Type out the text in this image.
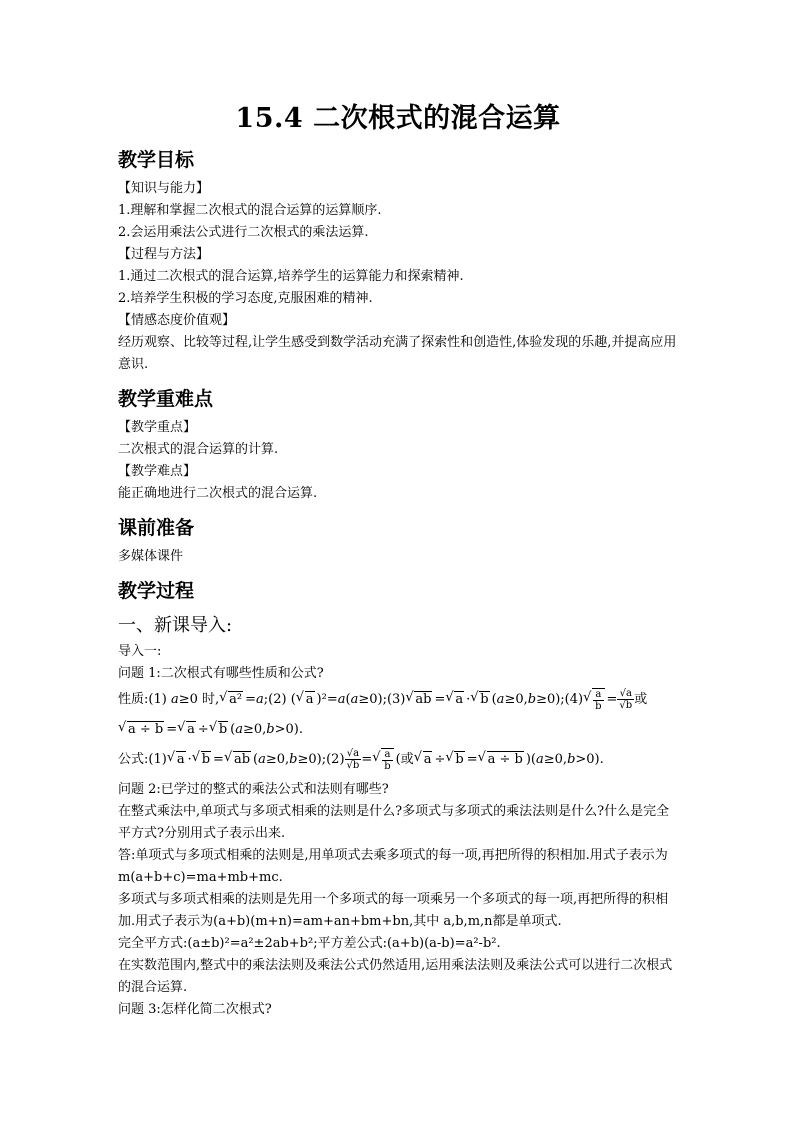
15.4 二次根式的混合运算
教学目标

【知识与能力】

1.理解和掌握二次根式的混合运算的运算顺序.

2.会运用乘法公式进行二次根式的乘法运算.

【过程与方法】

1.通过二次根式的混合运算,培养学生的运算能力和探索精神.

2.培养学生积极的学习态度,克服困难的精神.

【情感态度价值观】

经历观察、比较等过程,让学生感受到数学活动充满了探索性和创造性,体验发现的乐趣,并提高应用意识.

教学重难点

【教学重点】

二次根式的混合运算的计算.

【教学难点】

能正确地进行二次根式的混合运算.

课前准备

多媒体课件

教学过程
一、新课导入:

导入一:

问题 1:二次根式有哪些性质和公式?

性质:(1) a≥0 时, √ a² =a;(2) ( √ a )²=a(a≥0);(3) √ ab = √ a · √ b (a≥0,b≥0);(4) √ $\frac{a}{b} = \frac{√a}{√b}$ 或

√ a ÷ b = √ a ÷ √ b (a≥0,b>0).

公式:(1) √ a · √ b = √ ab (a≥0,b≥0);(2) $\frac{√a}{√b}$ = √ $\frac{a}{b}$ (或 √ a ÷ √ b = √ a ÷ b )(a≥0,b>0).

问题 2:已学过的整式的乘法公式和法则有哪些?

在整式乘法中,单项式与多项式相乘的法则是什么?多项式与多项式的乘法法则是什么?什么是完全平方式?分别用式子表示出来.

答:单项式与多项式相乘的法则是,用单项式去乘多项式的每一项,再把所得的积相加.用式子表示为 m(a+b+c)=ma+mb+mc.

多项式与多项式相乘的法则是先用一个多项式的每一项乘另一个多项式的每一项,再把所得的积相加.用式子表示为(a+b)(m+n)=am+an+bm+bn,其中 a,b,m,n都是单项式.

完全平方式:(a±b)²=a²±2ab+b²;平方差公式:(a+b)(a-b)=a²-b².

在实数范围内,整式中的乘法法则及乘法公式仍然适用,运用乘法法则及乘法公式可以进行二次根式的混合运算.

问题 3:怎样化简二次根式?
